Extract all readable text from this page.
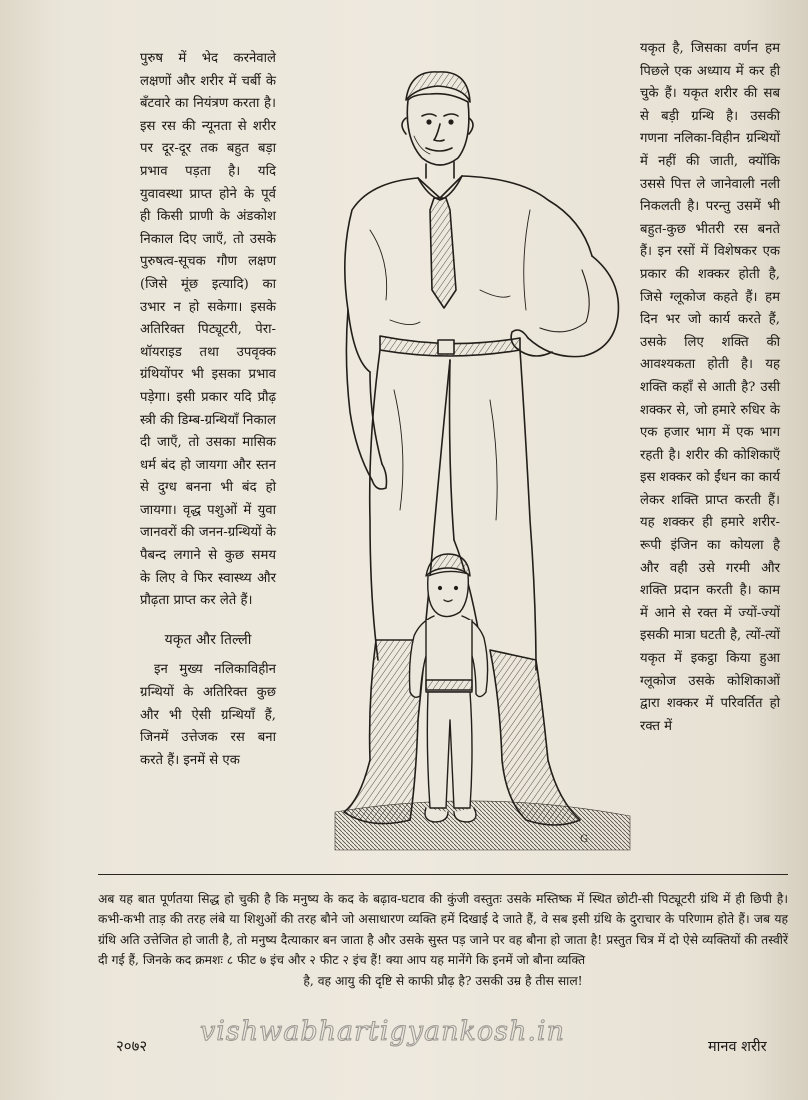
पुरुष में भेद करनेवाले लक्षणों और शरीर में चर्बी के बँटवारे का नियंत्रण करता है। इस रस की न्यूनता से शरीर पर दूर-दूर तक बहुत बड़ा प्रभाव पड़ता है। यदि युवावस्था प्राप्त होने के पूर्व ही किसी प्राणी के अंडकोश निकाल दिए जाएँ, तो उसके पुरुषत्व-सूचक गौण लक्षण (जिसे मूंछ इत्यादि) का उभार न हो सकेगा। इसके अतिरिक्त पिट्यूटरी, पेरा-थॉयराइड तथा उपवृक्क ग्रंथियोंपर भी इसका प्रभाव पड़ेगा। इसी प्रकार यदि प्रौढ़ स्त्री की डिम्ब-ग्रन्थियाँ निकाल दी जाएँ, तो उसका मासिक धर्म बंद हो जायगा और स्तन से दुग्ध बनना भी बंद हो जायगा। वृद्ध पशुओं में युवा जानवरों की जनन-ग्रन्थियों के पैबन्द लगाने से कुछ समय के लिए वे फिर स्वास्थ्य और प्रौढ़ता प्राप्त कर लेते हैं।

यकृत और तिल्ली

इन मुख्य नलिकाविहीन ग्रन्थियों के अतिरिक्त कुछ और भी ऐसी ग्रन्थियाँ हैं, जिनमें उत्तेजक रस बना करते हैं। इनमें से एक

G

यकृत है, जिसका वर्णन हम पिछले एक अध्याय में कर ही चुके हैं। यकृत शरीर की सब से बड़ी ग्रन्थि है। उसकी गणना नलिका-विहीन ग्रन्थियों में नहीं की जाती, क्योंकि उससे पित्त ले जानेवाली नली निकलती है। परन्तु उसमें भी बहुत-कुछ भीतरी रस बनते हैं। इन रसों में विशेषकर एक प्रकार की शक्कर होती है, जिसे ग्लूकोज कहते हैं। हम दिन भर जो कार्य करते हैं, उसके लिए शक्ति की आवश्यकता होती है। यह शक्ति कहाँ से आती है? उसी शक्कर से, जो हमारे रुधिर के एक हजार भाग में एक भाग रहती है। शरीर की कोशिकाएँ इस शक्कर को ईंधन का कार्य लेकर शक्ति प्राप्त करती हैं। यह शक्कर ही हमारे शरीर-रूपी इंजिन का कोयला है और वही उसे गरमी और शक्ति प्रदान करती है। काम में आने से रक्त में ज्यों-ज्यों इसकी मात्रा घटती है, त्यों-त्यों यकृत में इकट्ठा किया हुआ ग्लूकोज उसके कोशिकाओं द्वारा शक्कर में परिवर्तित हो रक्त में

अब यह बात पूर्णतया सिद्ध हो चुकी है कि मनुष्य के कद के बढ़ाव-घटाव की कुंजी वस्तुतः उसके मस्तिष्क में स्थित छोटी-सी पिट्यूटरी ग्रंथि में ही छिपी है। कभी-कभी ताड़ की तरह लंबे या शिशुओं की तरह बौने जो असाधारण व्यक्ति हमें दिखाई दे जाते हैं, वे सब इसी ग्रंथि के दुराचार के परिणाम होते हैं। जब यह ग्रंथि अति उत्तेजित हो जाती है, तो मनुष्य दैत्याकार बन जाता है और उसके सुस्त पड़ जाने पर वह बौना हो जाता है! प्रस्तुत चित्र में दो ऐसे व्यक्तियों की तस्वीरें दी गई हैं, जिनके कद क्रमशः ८ फीट ७ इंच और २ फीट २ इंच हैं! क्या आप यह मानेंगे कि इनमें जो बौना व्यक्ति
है, वह आयु की दृष्टि से काफी प्रौढ़ है? उसकी उम्र है तीस साल!
vishwabhartigyankosh.in
२०७२	मानव शरीर
